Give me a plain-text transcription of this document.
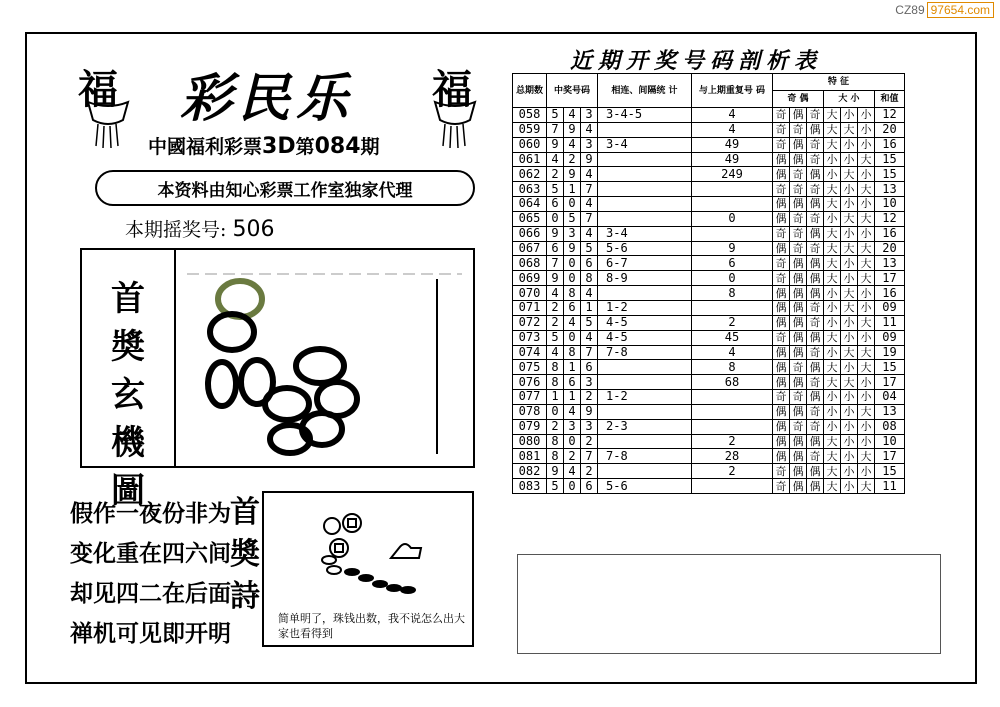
CZ89 97654.com
福	福
彩民乐
中國福利彩票3D第084期
本资料由知心彩票工作室独家代理
本期摇奖号: 506
首
奬
玄
機
圖
假作一夜份非为
变化重在四六间
却见四二在后面
禅机可见即开明
首
奬
詩
简单明了，珠钱出数，我不说怎么出大家也看得到
近期开奖号码剖析表
总期数	中奖号码			相连、间隔统 计	与上期重复号 码	特 征						
						奇 偶			大 小			和值
058	5	4	3	3-4-5	4	奇	偶	奇	大	小	小	12
059	7	9	4		4	奇	奇	偶	大	大	小	20
060	9	4	3	3-4	49	奇	偶	奇	大	小	小	16
061	4	2	9		49	偶	偶	奇	小	小	大	15
062	2	9	4		249	偶	奇	偶	小	大	小	15
063	5	1	7			奇	奇	奇	大	小	大	13
064	6	0	4			偶	偶	偶	大	小	小	10
065	0	5	7		0	偶	奇	奇	小	大	大	12
066	9	3	4	3-4		奇	奇	偶	大	小	小	16
067	6	9	5	5-6	9	偶	奇	奇	大	大	大	20
068	7	0	6	6-7	6	奇	偶	偶	大	小	大	13
069	9	0	8	8-9	0	奇	偶	偶	大	小	大	17
070	4	8	4		8	偶	偶	偶	小	大	小	16
071	2	6	1	1-2		偶	偶	奇	小	大	小	09
072	2	4	5	4-5	2	偶	偶	奇	小	小	大	11
073	5	0	4	4-5	45	奇	偶	偶	大	小	小	09
074	4	8	7	7-8	4	偶	偶	奇	小	大	大	19
075	8	1	6		8	偶	奇	偶	大	小	大	15
076	8	6	3		68	偶	偶	奇	大	大	小	17
077	1	1	2	1-2		奇	奇	偶	小	小	小	04
078	0	4	9			偶	偶	奇	小	小	大	13
079	2	3	3	2-3		偶	奇	奇	小	小	小	08
080	8	0	2		2	偶	偶	偶	大	小	小	10
081	8	2	7	7-8	28	偶	偶	奇	大	小	大	17
082	9	4	2		2	奇	偶	偶	大	小	小	15
083	5	0	6	5-6		奇	偶	偶	大	小	大	11
